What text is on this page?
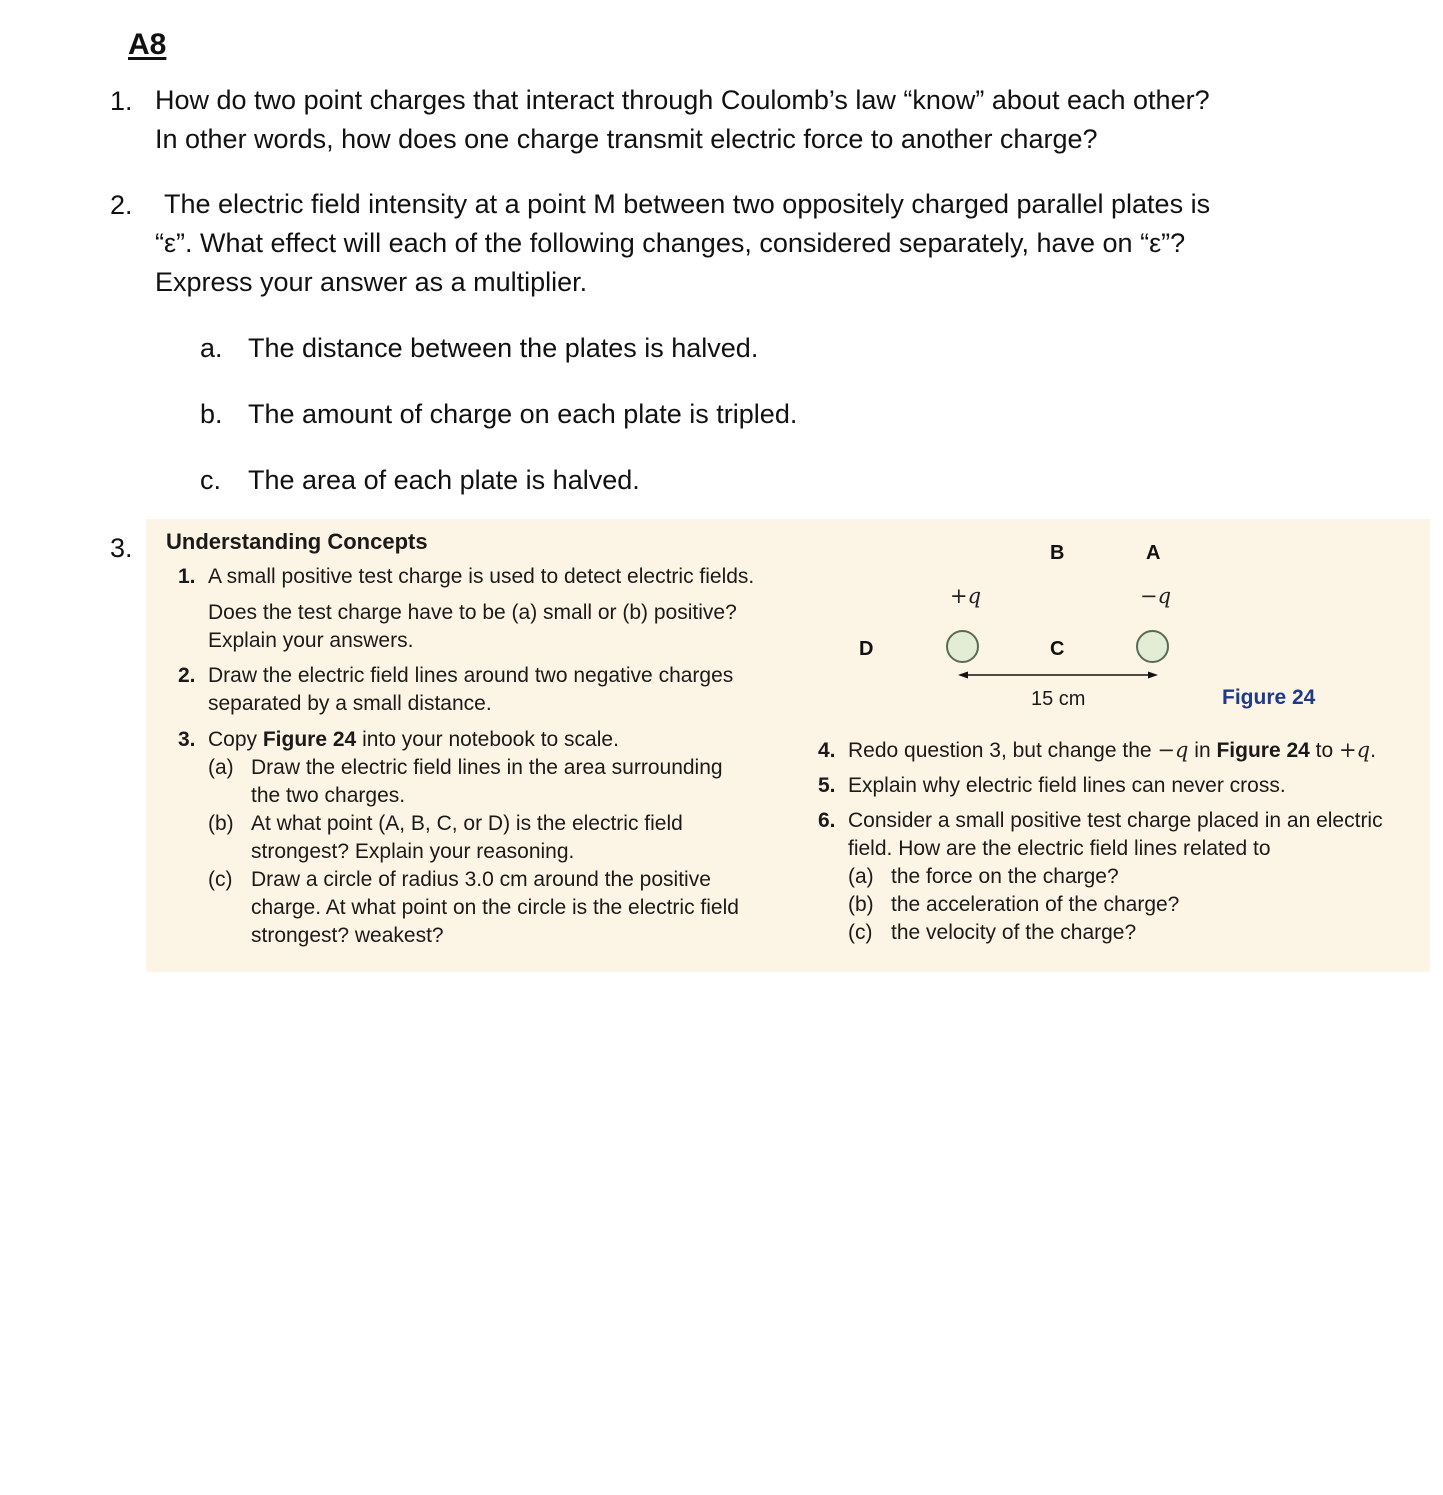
A8
1. How do two point charges that interact through Coulomb’s law “know” about each other?
In other words, how does one charge transmit electric force to another charge?
2. The electric field intensity at a point M between two oppositely charged parallel plates is
“ε”. What effect will each of the following changes, considered separately, have on “ε”?
Express your answer as a multiplier.
a. The distance between the plates is halved.
b. The amount of charge on each plate is tripled.
c. The area of each plate is halved.
3. Understanding Concepts
1. A small positive test charge is used to detect electric fields.
Does the test charge have to be (a) small or (b) positive?
Explain your answers.
2. Draw the electric field lines around two negative charges
separated by a small distance.
3. Copy Figure 24 into your notebook to scale.
(a) Draw the electric field lines in the area surrounding
the two charges.
(b) At what point (A, B, C, or D) is the electric field
strongest? Explain your reasoning.
(c) Draw a circle of radius 3.0 cm around the positive
charge. At what point on the circle is the electric field
strongest? weakest?
B	A
+q	−q
D	C
15 cm	Figure 24
4. Redo question 3, but change the −q in Figure 24 to +q.
5. Explain why electric field lines can never cross.
6. Consider a small positive test charge placed in an electric
field. How are the electric field lines related to
(a) the force on the charge?
(b) the acceleration of the charge?
(c) the velocity of the charge?
